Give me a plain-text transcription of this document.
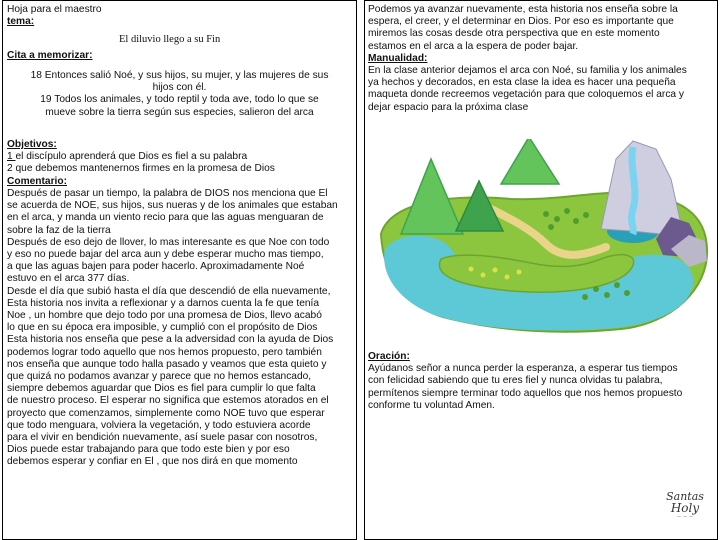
Hoja para el maestro
tema:
El diluvio llego a su Fin
Cita a memorizar:
18 Entonces salió Noé, y sus hijos, su mujer, y las mujeres de sus
hijos con él.
19 Todos los animales, y todo reptil y toda ave, todo lo que se
mueve sobre la tierra según sus especies, salieron del arca
Objetivos:
1 el discípulo aprenderá que Dios es fiel a su palabra
2 que debemos mantenernos firmes en la promesa de Dios
Comentario:

Después de pasar un tiempo, la palabra de DIOS nos menciona que El

se acuerda de NOE, sus hijos, sus nueras y de los animales que estaban

en el arca, y manda un viento recio para que las aguas menguaran de

sobre la faz de la tierra

Después de eso dejo de llover, lo mas interesante es que Noe con todo

y eso no puede bajar del arca aun y debe esperar mucho mas tiempo,

a que las aguas bajen para poder hacerlo. Aproximadamente Noé

estuvo en el arca 377 días.

Desde el día que subió hasta el día que descendió de ella nuevamente,

Esta historia nos invita a reflexionar y a darnos cuenta la fe que tenía

Noe , un hombre que dejo todo por una promesa de Dios, llevo acabó

lo que en su época era imposible, y cumplió con el propósito de Dios

Esta historia nos enseña que pese a la adversidad con la ayuda de Dios

podemos lograr todo aquello que nos hemos propuesto, pero también

nos enseña que aunque todo halla pasado y veamos que esta quieto y

que quizá no podamos avanzar y parece que no hemos estancado,

siempre debemos aguardar que Dios es fiel para cumplir lo que falta

de nuestro proceso. El esperar no significa que estemos atorados en el

proyecto que comenzamos, simplemente como NOE tuvo que esperar

que todo menguara, volviera la vegetación, y todo estuviera acorde

para el vivir en bendición nuevamente, así suele pasar con nosotros,

Dios puede estar trabajando para que todo este bien y por eso

debemos esperar y confiar en El , que nos dirá en que momento

Podemos ya avanzar nuevamente, esta historia nos enseña sobre la
espera, el creer, y el determinar en Dios. Por eso es importante que
miremos las cosas desde otra perspectiva que en este momento
estamos en el arca a la espera de poder bajar.
Manualidad:
En la clase anterior dejamos el arca con Noé, su familia y los animales
ya hechos y decorados, en esta clase la idea es hacer una pequeña
maqueta donde recreemos vegetación para que coloquemos el arca y
dejar espacio para la próxima clase
Oración:
Ayúdanos señor a nunca perder la esperanza, a esperar tus tiempos
con felicidad sabiendo que tu eres fiel y nunca olvidas tu palabra,
permítenos siempre terminar todo aquellos que nos hemos propuesto
conforme tu voluntad Amen.
Santas
Holy
~ ~ ~
